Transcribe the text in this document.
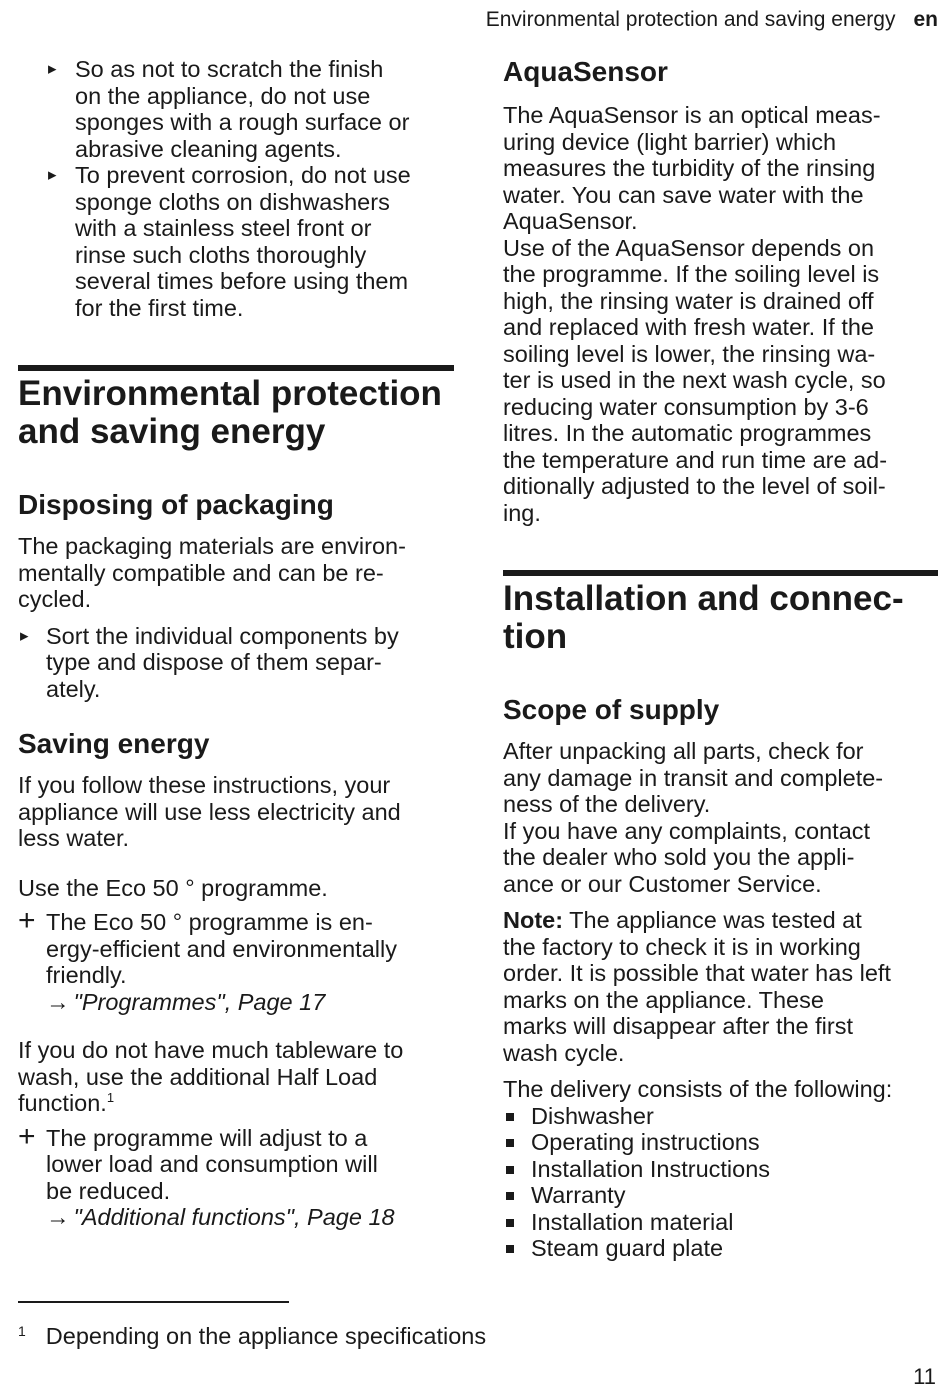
Environmental protection and saving energy en
▸ So as not to scratch the finish
on the appliance, do not use
sponges with a rough surface or
abrasive cleaning agents.
▸ To prevent corrosion, do not use
sponge cloths on dishwashers
with a stainless steel front or
rinse such cloths thoroughly
several times before using them
for the first time.
Environmental protection
and saving energy
Disposing of packaging

The packaging materials are environ-
mentally compatible and can be re-
cycled.

▸ Sort the individual components by
type and dispose of them separ-
ately.
Saving energy

If you follow these instructions, your
appliance will use less electricity and
less water.

Use the Eco 50 ° programme.

+ The Eco 50 ° programme is en-
ergy-efficient and environmentally
friendly.
→ "Programmes", Page 17

If you do not have much tableware to
wash, use the additional Half Load
function.$^1$

+ The programme will adjust to a
lower load and consumption will
be reduced.
→ "Additional functions", Page 18
AquaSensor

The AquaSensor is an optical meas-
uring device (light barrier) which
measures the turbidity of the rinsing
water. You can save water with the
AquaSensor.

Use of the AquaSensor depends on
the programme. If the soiling level is
high, the rinsing water is drained off
and replaced with fresh water. If the
soiling level is lower, the rinsing wa-
ter is used in the next wash cycle, so
reducing water consumption by 3-6
litres. In the automatic programmes
the temperature and run time are ad-
ditionally adjusted to the level of soil-
ing.

Installation and connec-
tion
Scope of supply

After unpacking all parts, check for
any damage in transit and complete-
ness of the delivery.

If you have any complaints, contact
the dealer who sold you the appli-
ance or our Customer Service.

Note: The appliance was tested at
the factory to check it is in working
order. It is possible that water has left
marks on the appliance. These
marks will disappear after the first
wash cycle.

The delivery consists of the following:

Dishwasher
Operating instructions
Installation Instructions
Warranty
Installation material
Steam guard plate
$^1$ Depending on the appliance specifications
11
